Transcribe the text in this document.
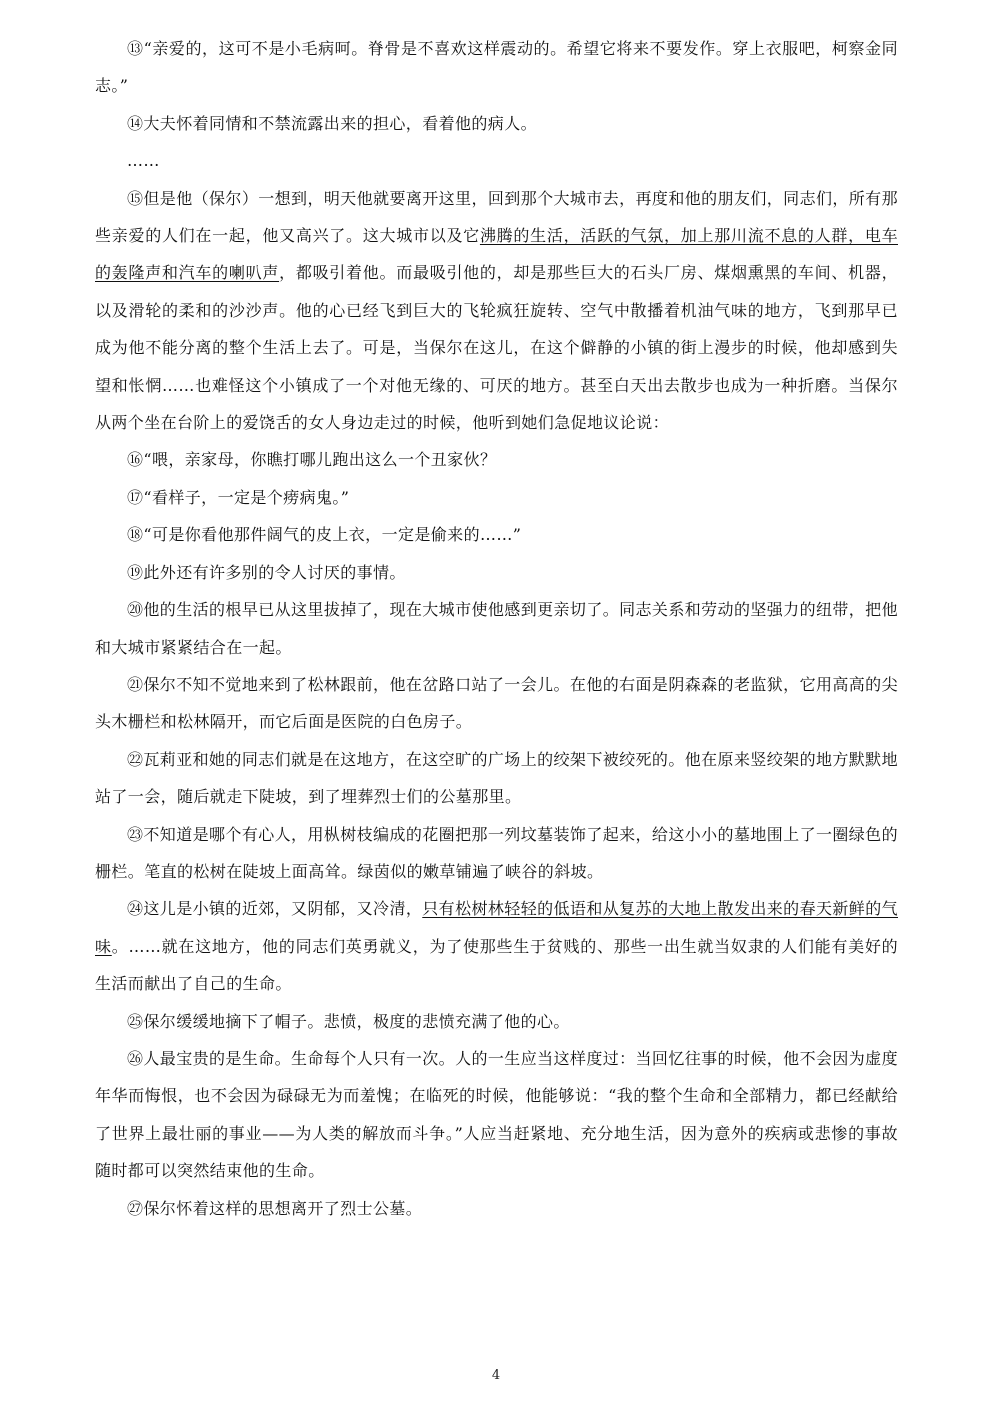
⑬“亲爱的，这可不是小毛病呵。脊骨是不喜欢这样震动的。希望它将来不要发作。穿上衣服吧，柯察金同志。”

⑭大夫怀着同情和不禁流露出来的担心，看着他的病人。

……

⑮但是他（保尔）一想到，明天他就要离开这里，回到那个大城市去，再度和他的朋友们，同志们，所有那些亲爱的人们在一起，他又高兴了。这大城市以及它沸腾的生活，活跃的气氛，加上那川流不息的人群，电车的轰隆声和汽车的喇叭声，都吸引着他。而最吸引他的，却是那些巨大的石头厂房、煤烟熏黑的车间、机器，以及滑轮的柔和的沙沙声。他的心已经飞到巨大的飞轮疯狂旋转、空气中散播着机油气味的地方，飞到那早已成为他不能分离的整个生活上去了。可是，当保尔在这儿，在这个僻静的小镇的街上漫步的时候，他却感到失望和怅惘……也难怪这个小镇成了一个对他无缘的、可厌的地方。甚至白天出去散步也成为一种折磨。当保尔从两个坐在台阶上的爱饶舌的女人身边走过的时候，他听到她们急促地议论说：

⑯“喂，亲家母，你瞧打哪儿跑出这么一个丑家伙？

⑰“看样子，一定是个痨病鬼。”

⑱“可是你看他那件阔气的皮上衣，一定是偷来的……”

⑲此外还有许多别的令人讨厌的事情。

⑳他的生活的根早已从这里拔掉了，现在大城市使他感到更亲切了。同志关系和劳动的坚强力的纽带，把他和大城市紧紧结合在一起。

㉑保尔不知不觉地来到了松林跟前，他在岔路口站了一会儿。在他的右面是阴森森的老监狱，它用高高的尖头木栅栏和松林隔开，而它后面是医院的白色房子。

㉒瓦莉亚和她的同志们就是在这地方，在这空旷的广场上的绞架下被绞死的。他在原来竖绞架的地方默默地站了一会，随后就走下陡坡，到了埋葬烈士们的公墓那里。

㉓不知道是哪个有心人，用枞树枝编成的花圈把那一列坟墓装饰了起来，给这小小的墓地围上了一圈绿色的栅栏。笔直的松树在陡坡上面高耸。绿茵似的嫩草铺遍了峡谷的斜坡。

㉔这儿是小镇的近郊，又阴郁，又冷清，只有松树林轻轻的低语和从复苏的大地上散发出来的春天新鲜的气味。……就在这地方，他的同志们英勇就义，为了使那些生于贫贱的、那些一出生就当奴隶的人们能有美好的生活而献出了自己的生命。

㉕保尔缓缓地摘下了帽子。悲愤，极度的悲愤充满了他的心。

㉖人最宝贵的是生命。生命每个人只有一次。人的一生应当这样度过：当回忆往事的时候，他不会因为虚度年华而悔恨，也不会因为碌碌无为而羞愧；在临死的时候，他能够说：“我的整个生命和全部精力，都已经献给了世界上最壮丽的事业——为人类的解放而斗争。”人应当赶紧地、充分地生活，因为意外的疾病或悲惨的事故随时都可以突然结束他的生命。

㉗保尔怀着这样的思想离开了烈士公墓。

4
